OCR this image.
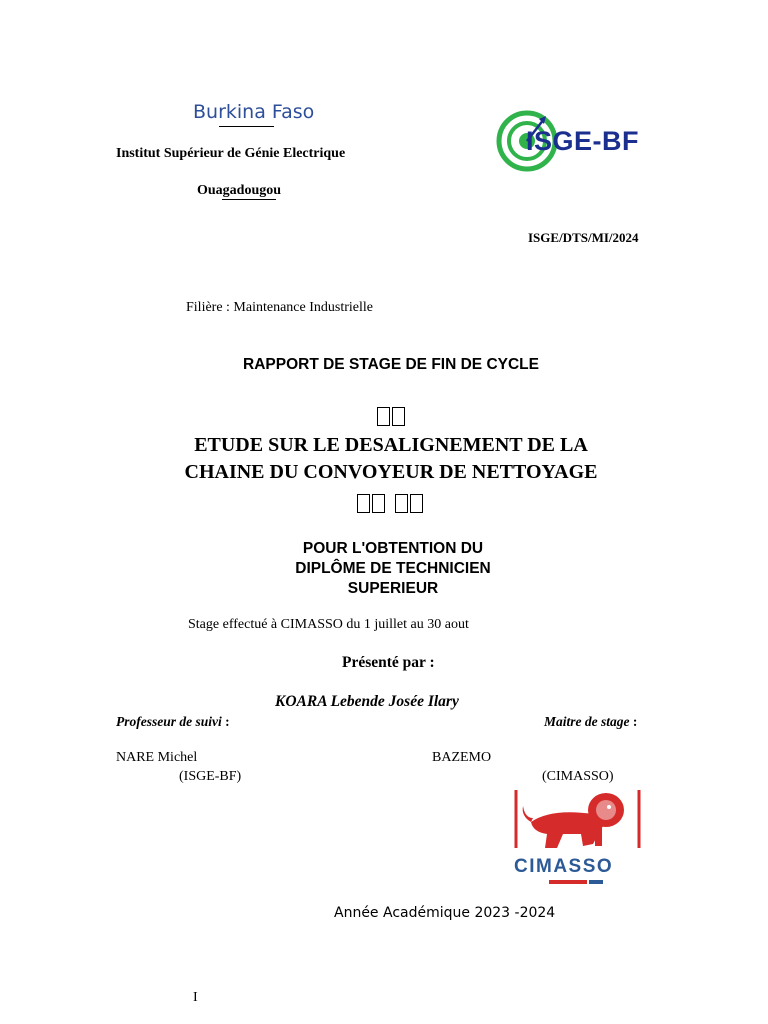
Burkina Faso
Institut Supérieur de Génie Electrique
Ouagadougou
ISGE-BF
ISGE/DTS/MI/2024
Filière : Maintenance Industrielle
RAPPORT DE STAGE DE FIN DE CYCLE
ETUDE SUR LE DESALIGNEMENT DE LA
CHAINE DU CONVOYEUR DE NETTOYAGE
POUR L'OBTENTION DU
DIPLÔME DE TECHNICIEN
SUPERIEUR
Stage effectué à CIMASSO du 1 juillet au 30 aout
Présenté par :
KOARA Lebende Josée Ilary
Professeur de suivi :	Maitre de stage :
NARE Michel	BAZEMO
(ISGE-BF)	(CIMASSO)
CIMASSO
Année Académique 2023 -2024
I
